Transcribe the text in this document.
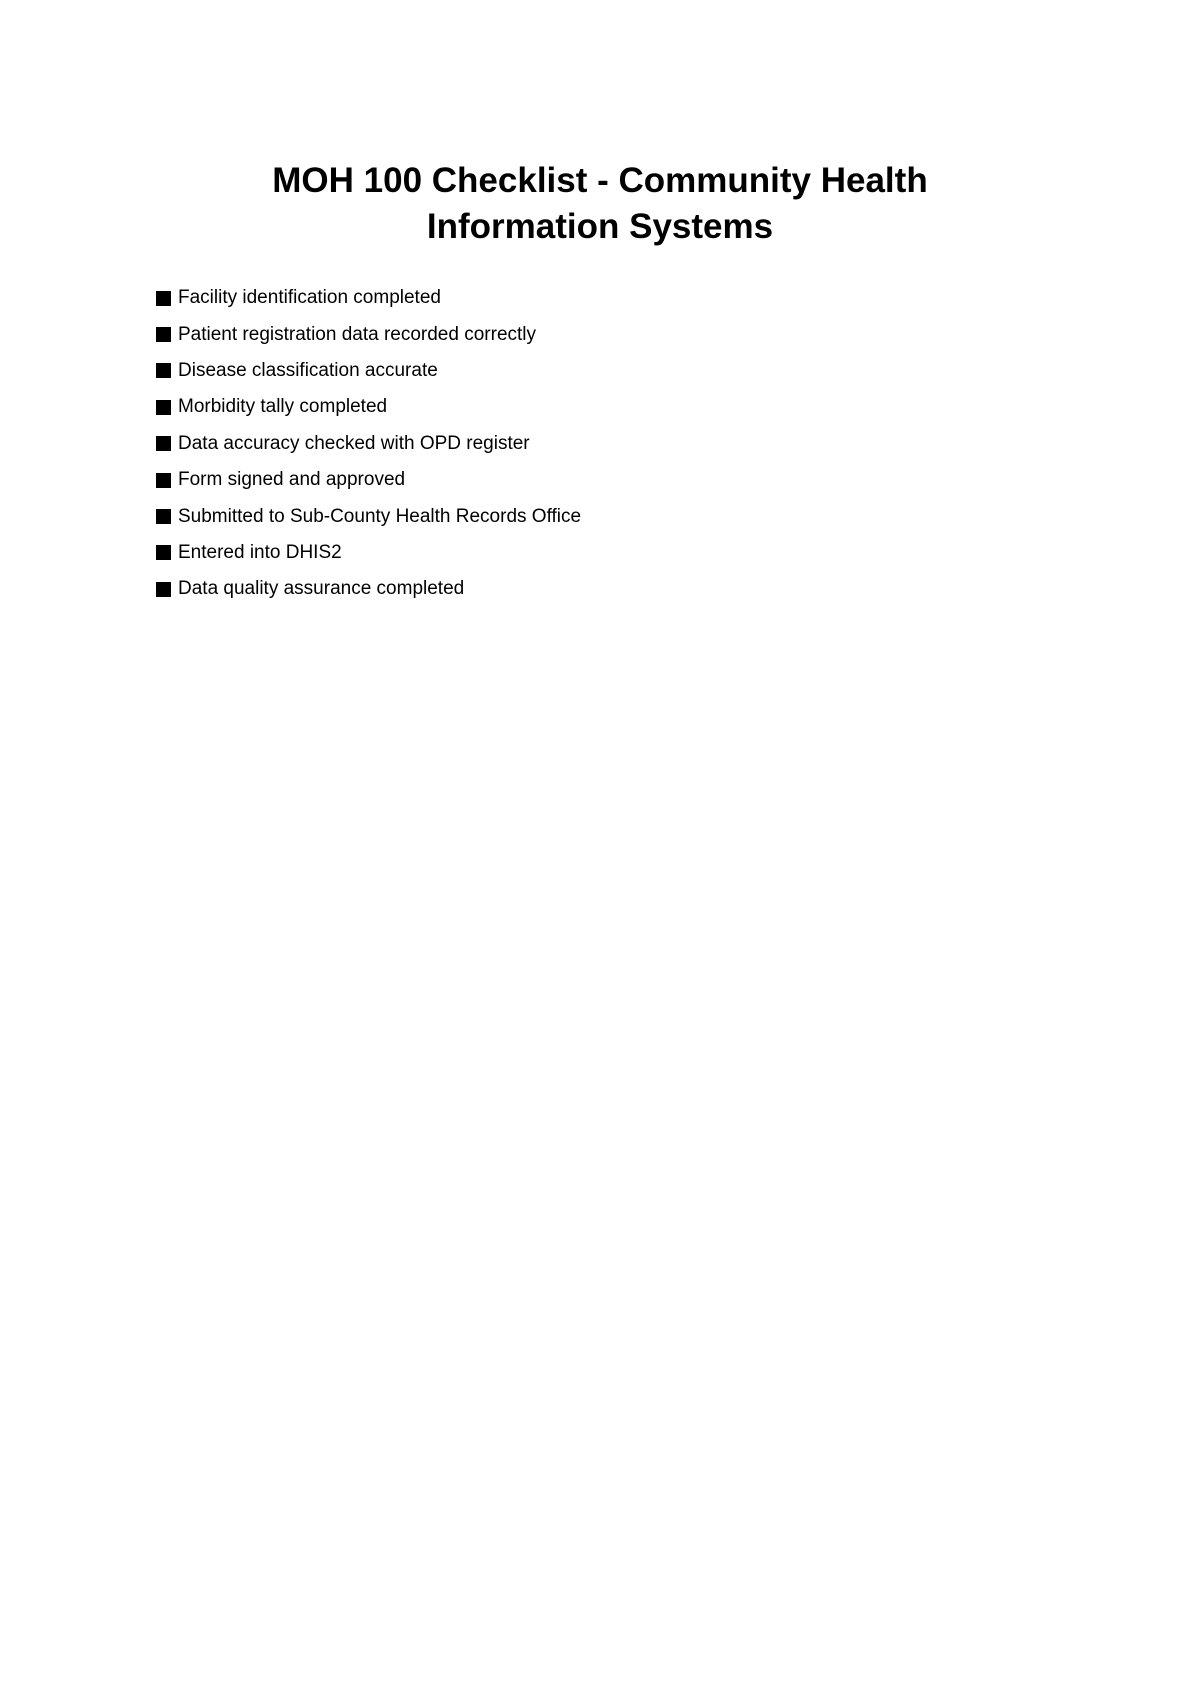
MOH 100 Checklist - Community Health
Information Systems
Facility identification completed
Patient registration data recorded correctly
Disease classification accurate
Morbidity tally completed
Data accuracy checked with OPD register
Form signed and approved
Submitted to Sub-County Health Records Office
Entered into DHIS2
Data quality assurance completed
